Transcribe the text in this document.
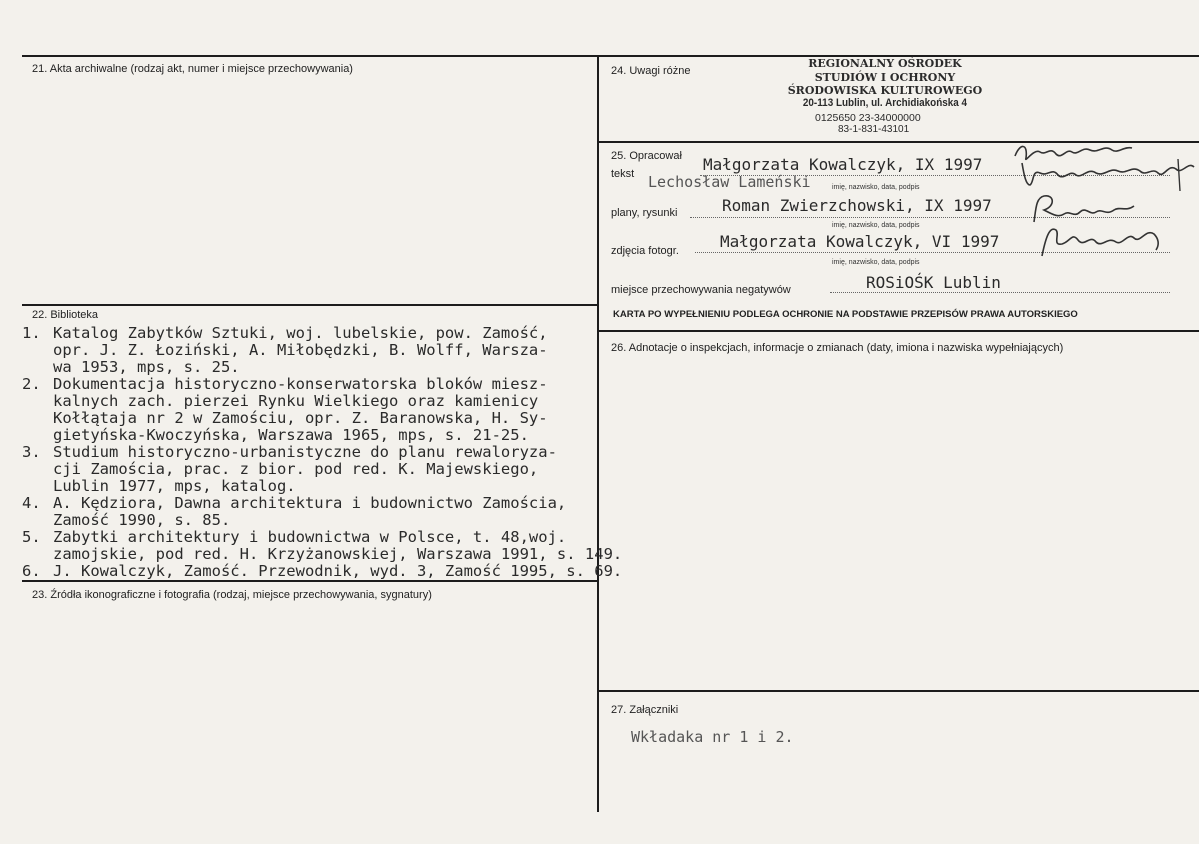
21. Akta archiwalne (rodzaj akt, numer i miejsce przechowywania)
22. Biblioteka
1. Katalog Zabytków Sztuki, woj. lubelskie, pow. Zamość,
opr. J. Z. Łoziński, A. Miłobędzki, B. Wolff, Warsza-
wa 1953, mps, s. 25.
2. Dokumentacja historyczno-konserwatorska bloków miesz-
kalnych zach. pierzei Rynku Wielkiego oraz kamienicy
Kołłątaja nr 2 w Zamościu, opr. Z. Baranowska, H. Sy-
gietyńska-Kwoczyńska, Warszawa 1965, mps, s. 21-25.
3. Studium historyczno-urbanistyczne do planu rewaloryza-
cji Zamościa, prac. z bior. pod red. K. Majewskiego,
Lublin 1977, mps, katalog.
4. A. Kędziora, Dawna architektura i budownictwo Zamościa,
Zamość 1990, s. 85.
5. Zabytki architektury i budownictwa w Polsce, t. 48,woj.
zamojskie, pod red. H. Krzyżanowskiej, Warszawa 1991, s. 149.
6. J. Kowalczyk, Zamość. Przewodnik, wyd. 3, Zamość 1995, s. 69.
23. Źródła ikonograficzne i fotografia (rodzaj, miejsce przechowywania, sygnatury)
24. Uwagi różne
REGIONALNY OŚRODEK
STUDIÓW I OCHRONY
ŚRODOWISKA KULTUROWEGO
20-113 Lublin, ul. Archidiakońska 4
0125650 23-34000000
83-1-831-43101
25. Opracował
tekst	Małgorzata Kowalczyk, IX 1997
Lechosław Lameński	imię, nazwisko, data, podpis
plany, rysunki	Roman Zwierzchowski, IX 1997
imię, nazwisko, data, podpis
zdjęcia fotogr.	Małgorzata Kowalczyk, VI 1997
imię, nazwisko, data, podpis
miejsce przechowywania negatywów	ROSiOŚK Lublin
KARTA PO WYPEŁNIENIU PODLEGA OCHRONIE NA PODSTAWIE PRZEPISÓW PRAWA AUTORSKIEGO
26. Adnotacje o inspekcjach, informacje o zmianach (daty, imiona i nazwiska wypełniających)
27. Załączniki
Wkładaka nr 1 i 2.
